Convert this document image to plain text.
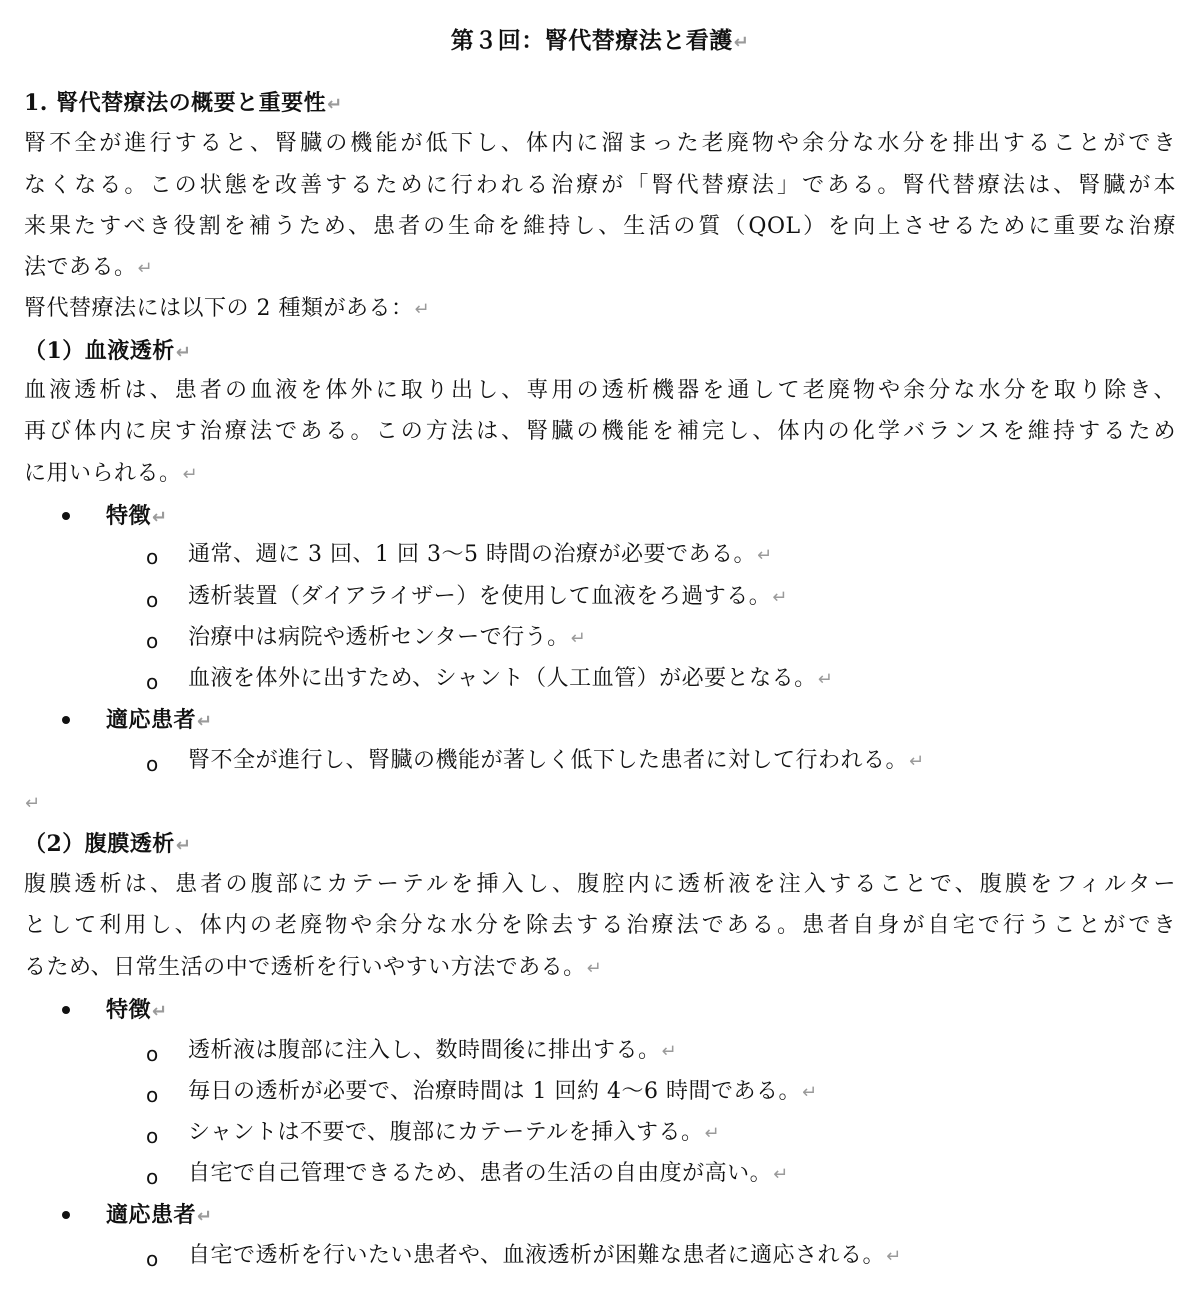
第３回：腎代替療法と看護↵
1. 腎代替療法の概要と重要性↵
腎不全が進行すると、腎臓の機能が低下し、体内に溜まった老廃物や余分な水分を排出することができ
なくなる。この状態を改善するために行われる治療が「腎代替療法」である。腎代替療法は、腎臓が本
来果たすべき役割を補うため、患者の生命を維持し、生活の質（QOL）を向上させるために重要な治療
法である。↵
腎代替療法には以下の 2 種類がある：↵
（1）血液透析↵
血液透析は、患者の血液を体外に取り出し、専用の透析機器を通して老廃物や余分な水分を取り除き、
再び体内に戻す治療法である。この方法は、腎臓の機能を補完し、体内の化学バランスを維持するため
に用いられる。↵
特徴↵
o 通常、週に 3 回、1 回 3〜5 時間の治療が必要である。↵
o 透析装置（ダイアライザー）を使用して血液をろ過する。↵
o 治療中は病院や透析センターで行う。↵
o 血液を体外に出すため、シャント（人工血管）が必要となる。↵
適応患者↵
o 腎不全が進行し、腎臓の機能が著しく低下した患者に対して行われる。↵
↵
（2）腹膜透析↵
腹膜透析は、患者の腹部にカテーテルを挿入し、腹腔内に透析液を注入することで、腹膜をフィルター
として利用し、体内の老廃物や余分な水分を除去する治療法である。患者自身が自宅で行うことができ
るため、日常生活の中で透析を行いやすい方法である。↵
特徴↵
o 透析液は腹部に注入し、数時間後に排出する。↵
o 毎日の透析が必要で、治療時間は 1 回約 4〜6 時間である。↵
o シャントは不要で、腹部にカテーテルを挿入する。↵
o 自宅で自己管理できるため、患者の生活の自由度が高い。↵
適応患者↵
o 自宅で透析を行いたい患者や、血液透析が困難な患者に適応される。↵
